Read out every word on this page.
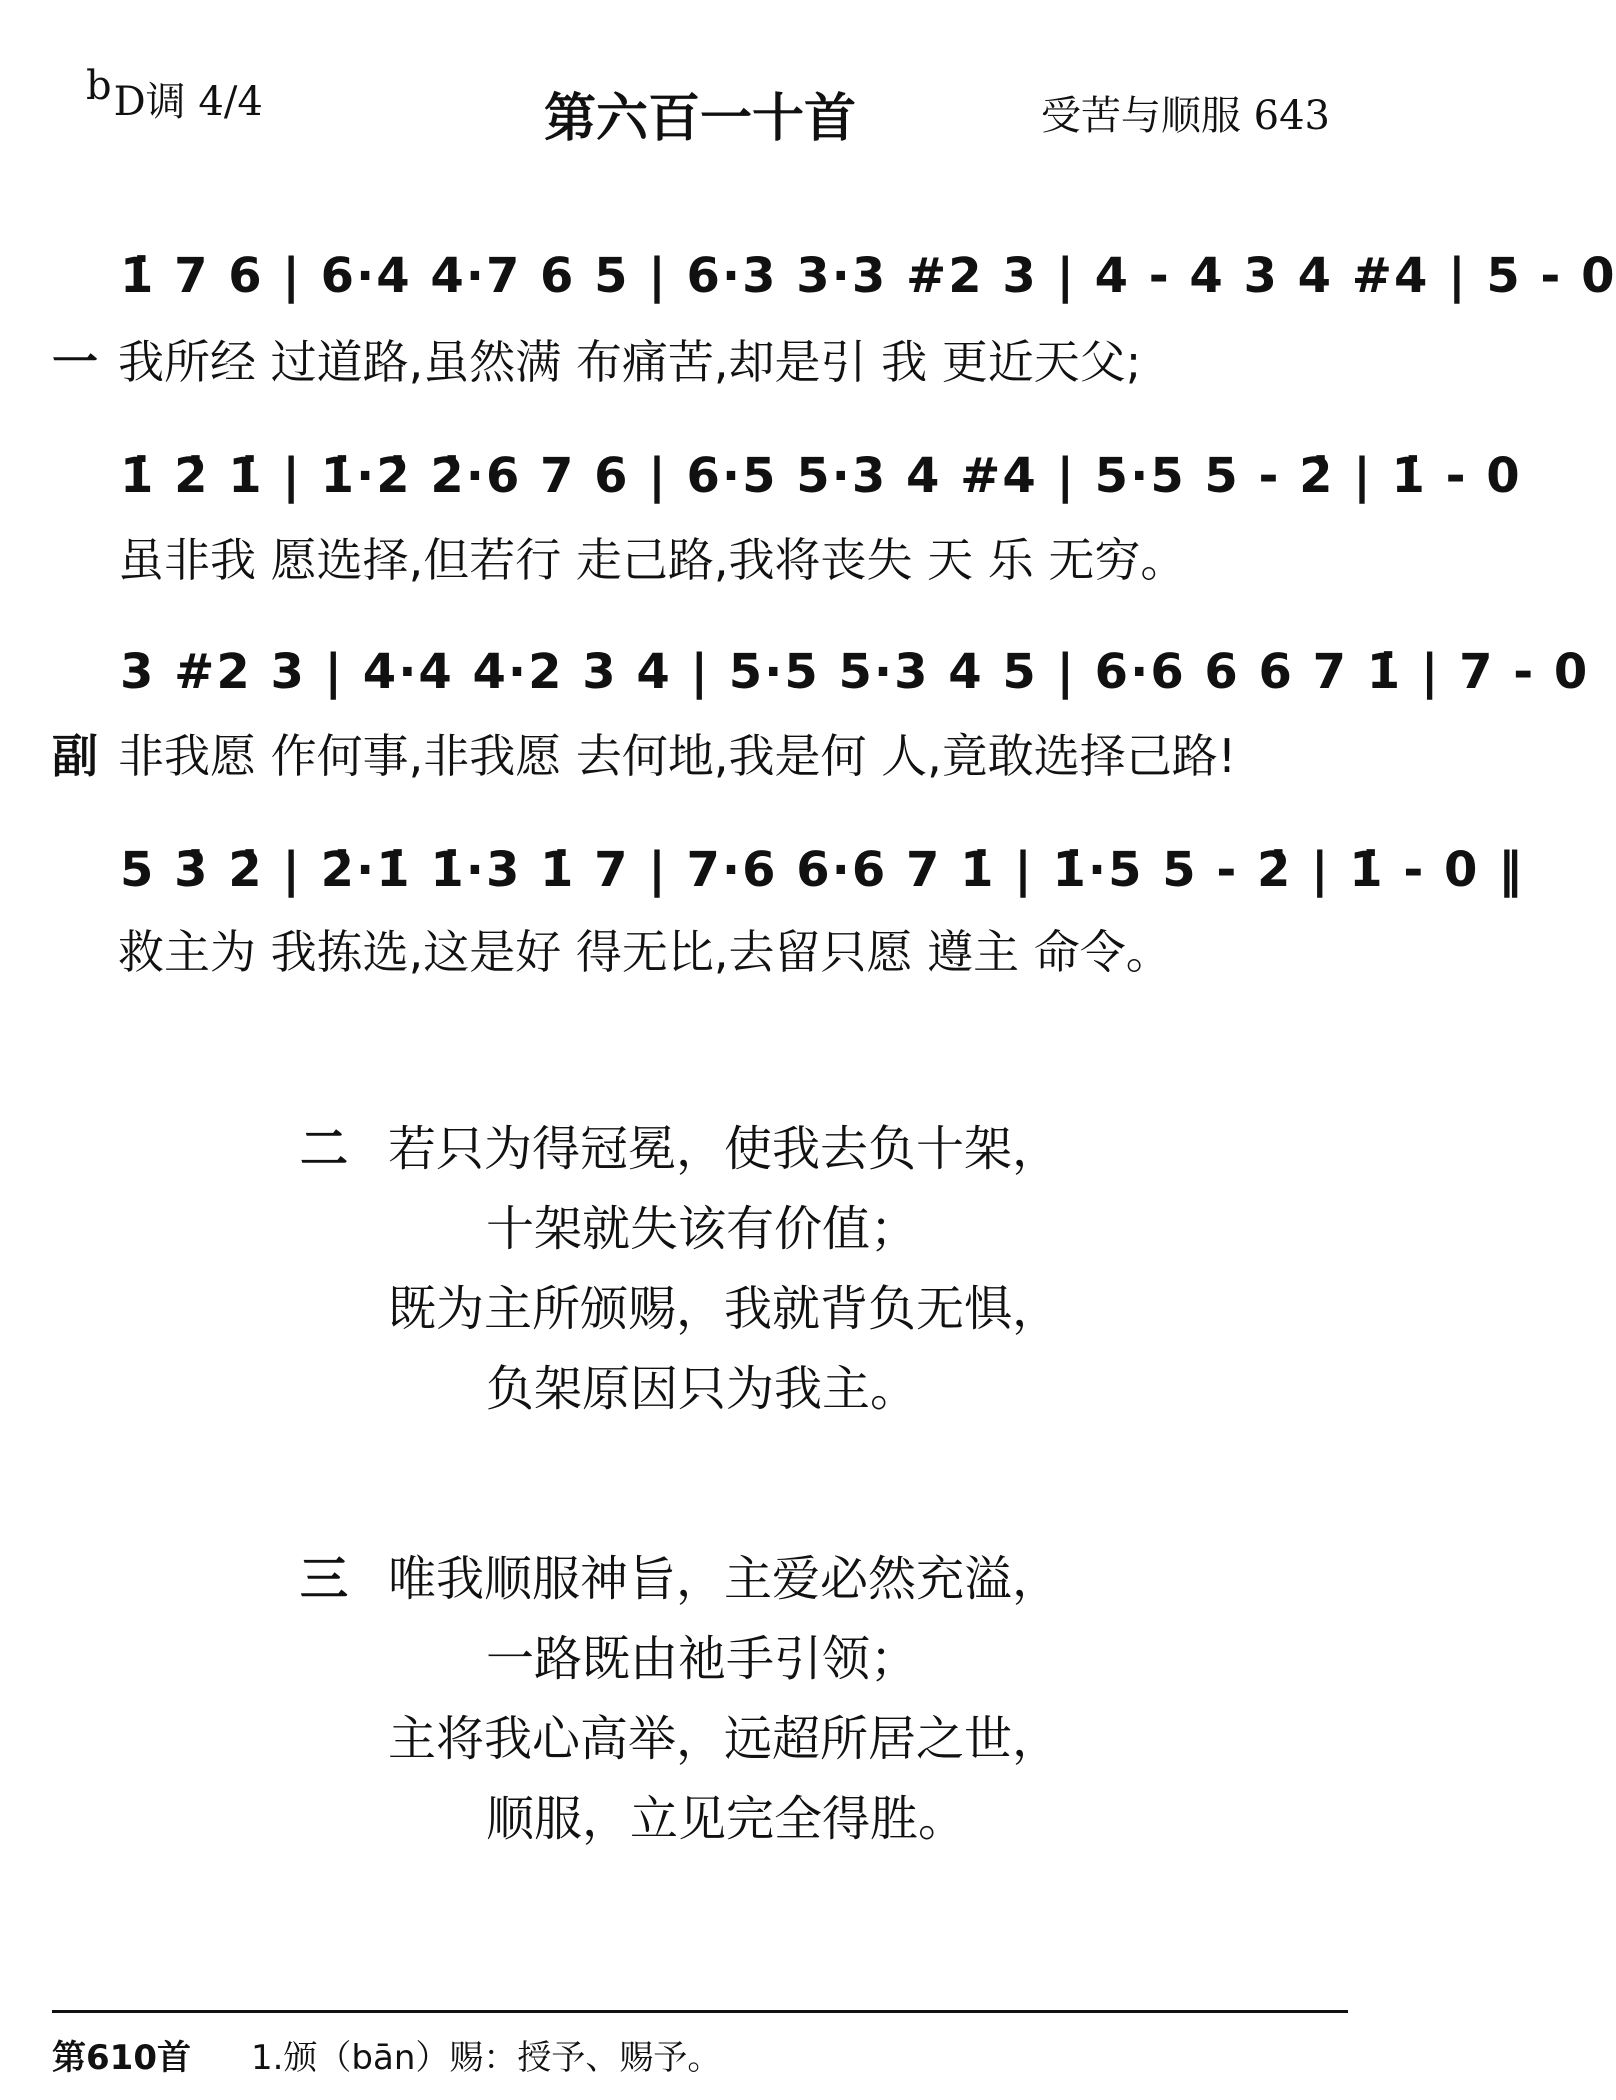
bD调 4/4	第六百一十首	受苦与顺服 643
1̇ 7 6 | 6·4 4·7 6 5 | 6·3 3·3 #2 3 | 4 - 4 3 4 #4 | 5 - 0
一 我所经 过道路,虽然满 布痛苦,却是引 我 更近天父;
1̇ 2̇ 1̇ | 1̇·2̇ 2̇·6 7 6 | 6·5 5·3 4 #4 | 5·5 5 - 2̇ | 1̇ - 0
虽非我 愿选择,但若行 走己路,我将丧失 天 乐 无穷。
3 #2 3 | 4·4 4·2 3 4 | 5·5 5·3 4 5 | 6·6 6 6 7 1̇ | 7 - 0
副 非我愿 作何事,非我愿 去何地,我是何 人,竟敢选择己路!
5 3̇ 2̇ | 2̇·1̇ 1̇·3 1̇ 7 | 7·6 6·6 7 1̇ | 1̇·5 5 - 2̇ | 1̇ - 0 ‖
救主为 我拣选,这是好 得无比,去留只愿 遵主 命令。
二 若只为得冠冕，使我去负十架，
十架就失该有价值；
既为主所颁赐，我就背负无惧，
负架原因只为我主。
三 唯我顺服神旨，主爱必然充溢，
一路既由祂手引领；
主将我心高举，远超所居之世，
顺服，立见完全得胜。
第610首 1.颁（bān）赐：授予、赐予。
